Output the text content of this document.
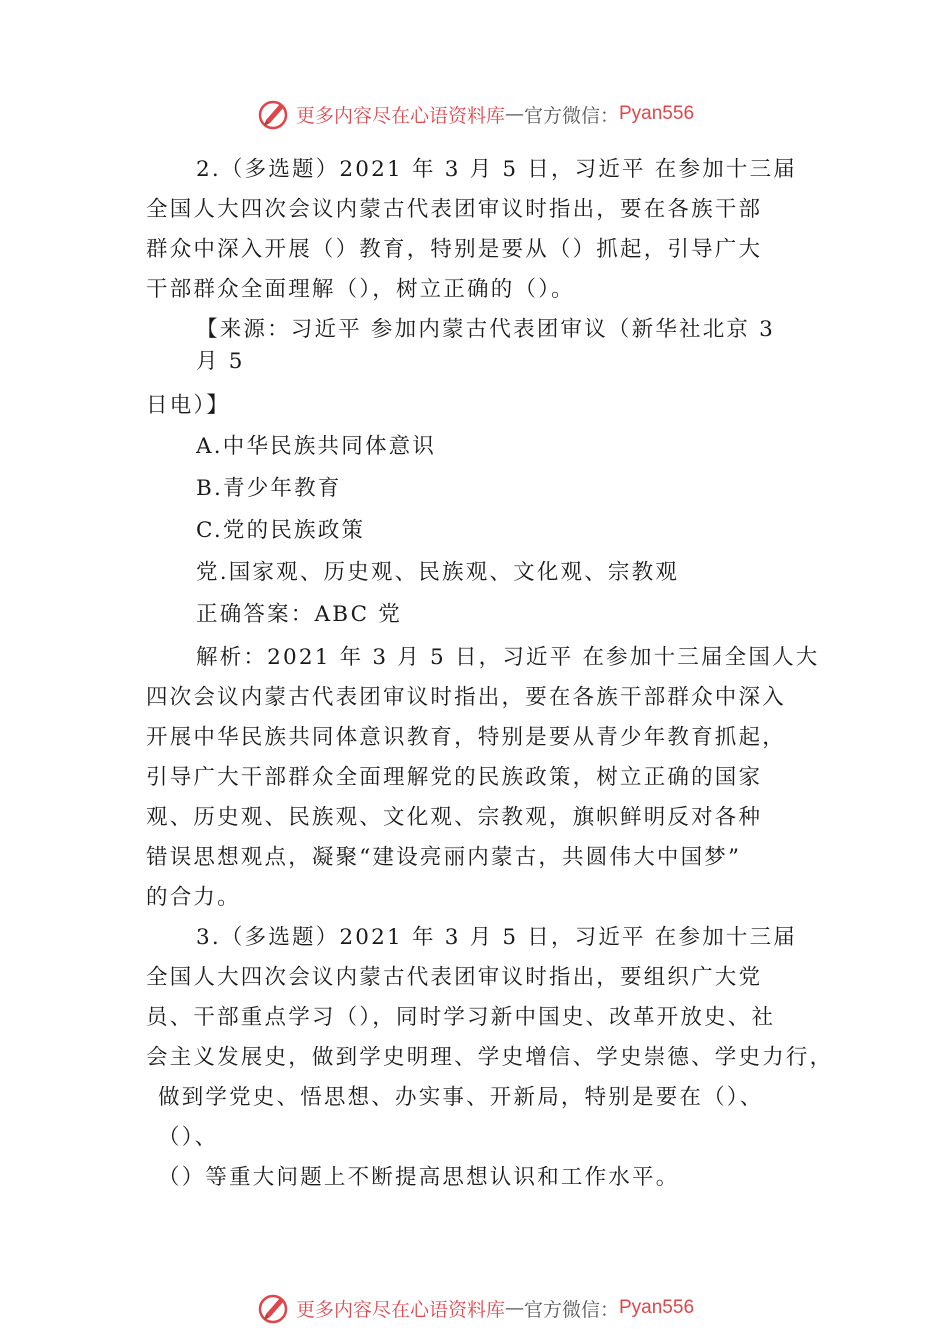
更多内容尽在心语资料库 — 官方微信： Pyan556
2.（多选题）2021 年 3 月 5 日，习近平 在参加十三届
全国人大四次会议内蒙古代表团审议时指出，要在各族干部
群众中深入开展（）教育，特别是要从（）抓起，引导广大
干部群众全面理解（），树立正确的（）。
【来源：习近平 参加内蒙古代表团审议（新华社北京 3
月 5
日电）】
A.中华民族共同体意识
B.青少年教育
C.党的民族政策
党.国家观、历史观、民族观、文化观、宗教观
正确答案：ABC 党
解析：2021 年 3 月 5 日，习近平 在参加十三届全国人大
四次会议内蒙古代表团审议时指出，要在各族干部群众中深入
开展中华民族共同体意识教育，特别是要从青少年教育抓起，
引导广大干部群众全面理解党的民族政策，树立正确的国家
观、历史观、民族观、文化观、宗教观，旗帜鲜明反对各种
错误思想观点，凝聚“建设亮丽内蒙古，共圆伟大中国梦”
的合力。
3.（多选题）2021 年 3 月 5 日，习近平 在参加十三届
全国人大四次会议内蒙古代表团审议时指出，要组织广大党
员、干部重点学习（），同时学习新中国史、改革开放史、社
会主义发展史，做到学史明理、学史增信、学史崇德、学史力行，
做到学党史、悟思想、办实事、开新局，特别是要在（）、
（）、
（）等重大问题上不断提高思想认识和工作水平。
更多内容尽在心语资料库 — 官方微信： Pyan556
